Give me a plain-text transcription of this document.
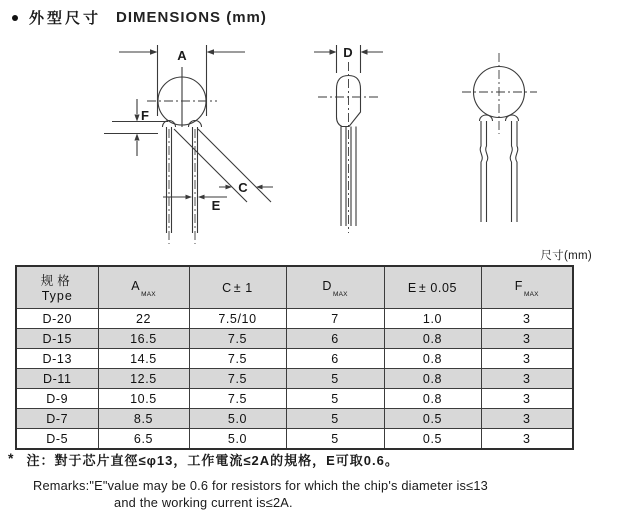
外型尺寸 DIMENSIONS (mm)
A
F
C
E
D
尺寸(mm)
规格
Type	$A_{MAX}$	C ± 1	$D_{MAX}$	E ± 0.05	$F_{MAX}$
D-20	22	7.5/10	7	1.0	3
D-15	16.5	7.5	6	0.8	3
D-13	14.5	7.5	6	0.8	3
D-11	12.5	7.5	5	0.8	3
D-9	10.5	7.5	5	0.8	3
D-7	8.5	5.0	5	0.5	3
D-5	6.5	5.0	5	0.5	3
* 注：對于芯片直徑≤φ13，工作電流≤2A的規格，E可取0.6。
Remarks:"E"value may be 0.6 for resistors for which the chip's diameter is≤13
and the working current is≤2A.
